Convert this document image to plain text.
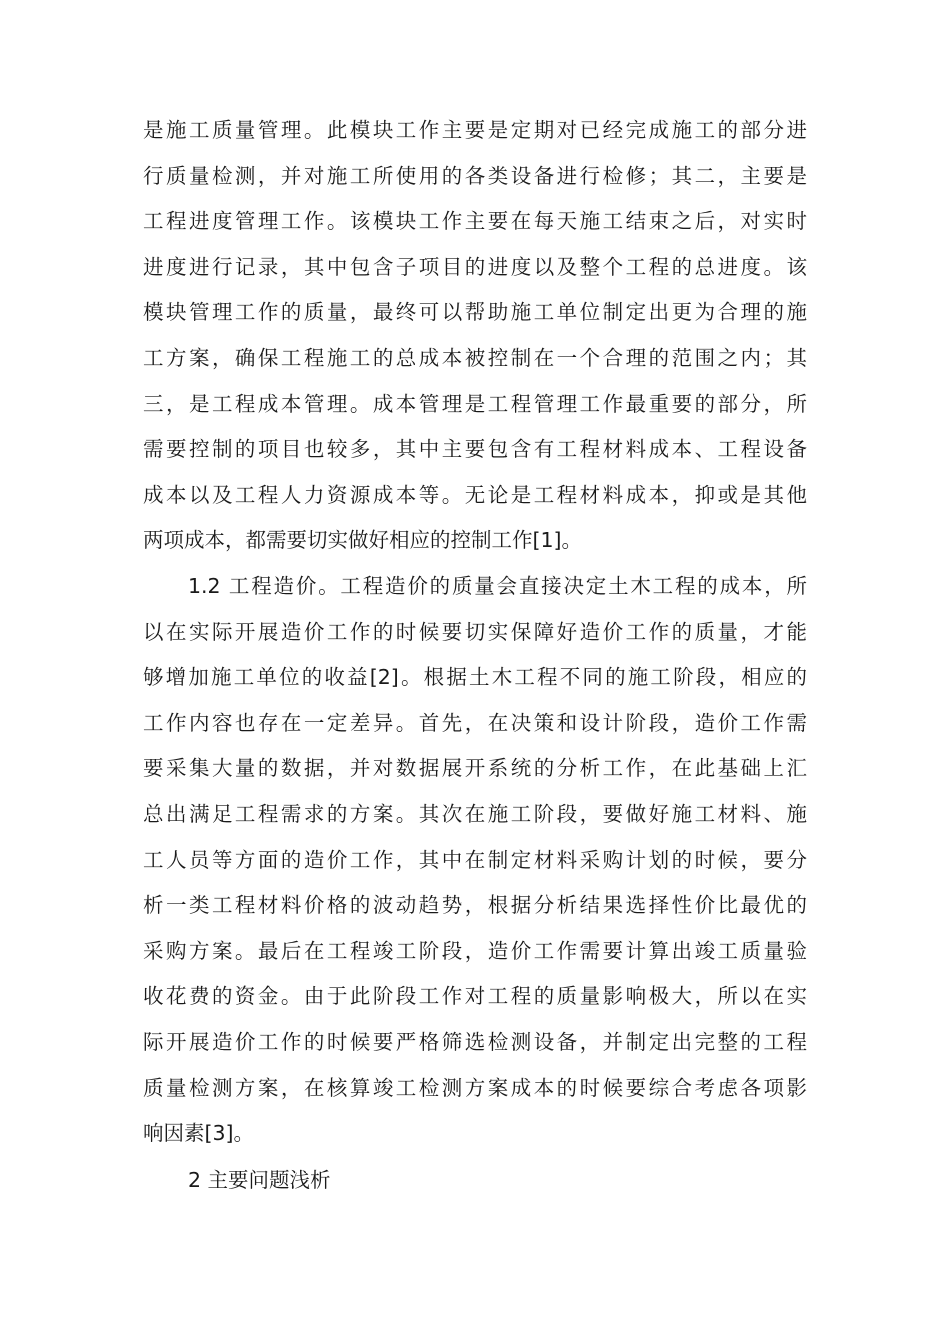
是施工质量管理。此模块工作主要是定期对已经完成施工的部分进
行质量检测，并对施工所使用的各类设备进行检修；其二，主要是
工程进度管理工作。该模块工作主要在每天施工结束之后，对实时
进度进行记录，其中包含子项目的进度以及整个工程的总进度。该
模块管理工作的质量，最终可以帮助施工单位制定出更为合理的施
工方案，确保工程施工的总成本被控制在一个合理的范围之内；其
三，是工程成本管理。成本管理是工程管理工作最重要的部分，所
需要控制的项目也较多，其中主要包含有工程材料成本、工程设备
成本以及工程人力资源成本等。无论是工程材料成本，抑或是其他
两项成本，都需要切实做好相应的控制工作[1]。
1.2 工程造价。工程造价的质量会直接决定土木工程的成本，所
以在实际开展造价工作的时候要切实保障好造价工作的质量，才能
够增加施工单位的收益[2]。根据土木工程不同的施工阶段，相应的
工作内容也存在一定差异。首先，在决策和设计阶段，造价工作需
要采集大量的数据，并对数据展开系统的分析工作，在此基础上汇
总出满足工程需求的方案。其次在施工阶段，要做好施工材料、施
工人员等方面的造价工作，其中在制定材料采购计划的时候，要分
析一类工程材料价格的波动趋势，根据分析结果选择性价比最优的
采购方案。最后在工程竣工阶段，造价工作需要计算出竣工质量验
收花费的资金。由于此阶段工作对工程的质量影响极大，所以在实
际开展造价工作的时候要严格筛选检测设备，并制定出完整的工程
质量检测方案，在核算竣工检测方案成本的时候要综合考虑各项影
响因素[3]。
2 主要问题浅析
